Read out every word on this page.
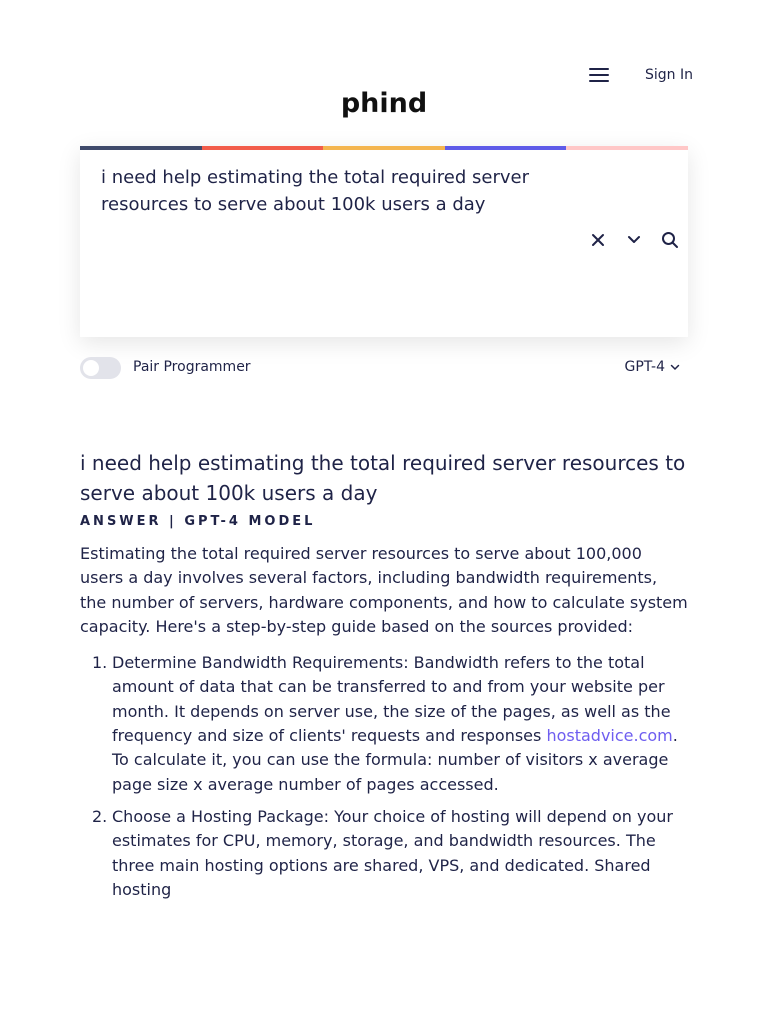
Sign In
phind
i need help estimating the total required server resources to serve about 100k users a day
Pair Programmer	GPT-4
i need help estimating the total required server resources to serve about 100k users a day
ANSWER | GPT-4 MODEL

Estimating the total required server resources to serve about 100,000 users a day involves several factors, including bandwidth requirements, the number of servers, hardware components, and how to calculate system capacity. Here's a step-by-step guide based on the sources provided:

1. Determine Bandwidth Requirements: Bandwidth refers to the total amount of data that can be transferred to and from your website per month. It depends on server use, the size of the pages, as well as the frequency and size of clients' requests and responses hostadvice.com. To calculate it, you can use the formula: number of visitors x average page size x average number of pages accessed.
2. Choose a Hosting Package: Your choice of hosting will depend on your estimates for CPU, memory, storage, and bandwidth resources. The three main hosting options are shared, VPS, and dedicated. Shared hosting
